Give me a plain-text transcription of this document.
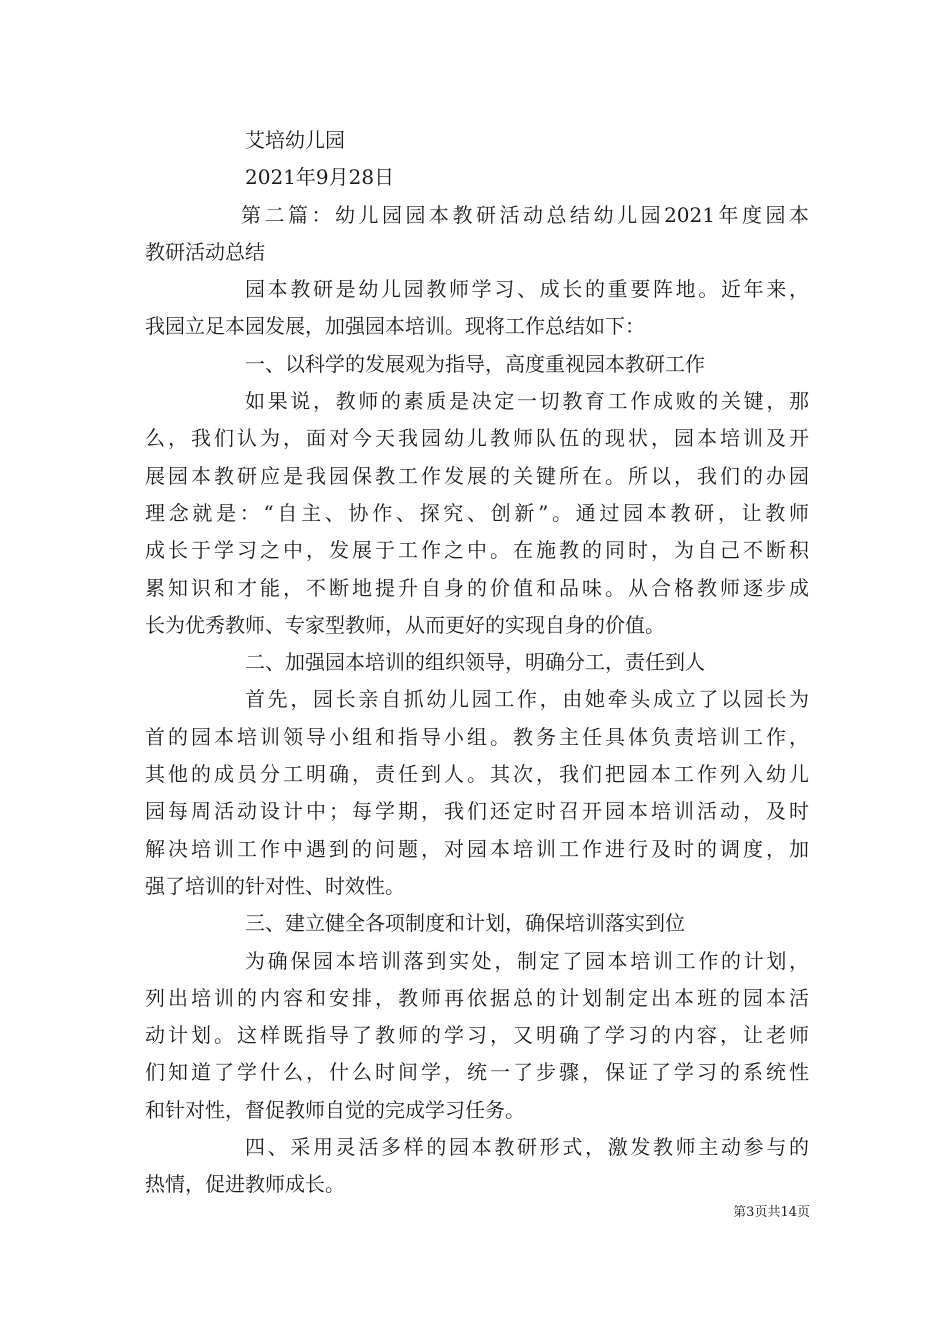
艾培幼儿园
2021年9月28日
第二篇：幼儿园园本教研活动总结幼儿园2021年度园本
教研活动总结
园本教研是幼儿园教师学习、成长的重要阵地。近年来，
我园立足本园发展，加强园本培训。现将工作总结如下：
一、以科学的发展观为指导，高度重视园本教研工作
如果说，教师的素质是决定一切教育工作成败的关键，那
么，我们认为，面对今天我园幼儿教师队伍的现状，园本培训及开
展园本教研应是我园保教工作发展的关键所在。所以，我们的办园
理念就是：“自主、协作、探究、创新”。通过园本教研，让教师
成长于学习之中，发展于工作之中。在施教的同时，为自己不断积
累知识和才能，不断地提升自身的价值和品味。从合格教师逐步成
长为优秀教师、专家型教师，从而更好的实现自身的价值。
二、加强园本培训的组织领导，明确分工，责任到人
首先，园长亲自抓幼儿园工作，由她牵头成立了以园长为
首的园本培训领导小组和指导小组。教务主任具体负责培训工作，
其他的成员分工明确，责任到人。其次，我们把园本工作列入幼儿
园每周活动设计中；每学期，我们还定时召开园本培训活动，及时
解决培训工作中遇到的问题，对园本培训工作进行及时的调度，加
强了培训的针对性、时效性。
三、建立健全各项制度和计划，确保培训落实到位
为确保园本培训落到实处，制定了园本培训工作的计划，
列出培训的内容和安排，教师再依据总的计划制定出本班的园本活
动计划。这样既指导了教师的学习，又明确了学习的内容，让老师
们知道了学什么，什么时间学，统一了步骤，保证了学习的系统性
和针对性，督促教师自觉的完成学习任务。
四、采用灵活多样的园本教研形式，激发教师主动参与的
热情，促进教师成长。
第3页共14页
